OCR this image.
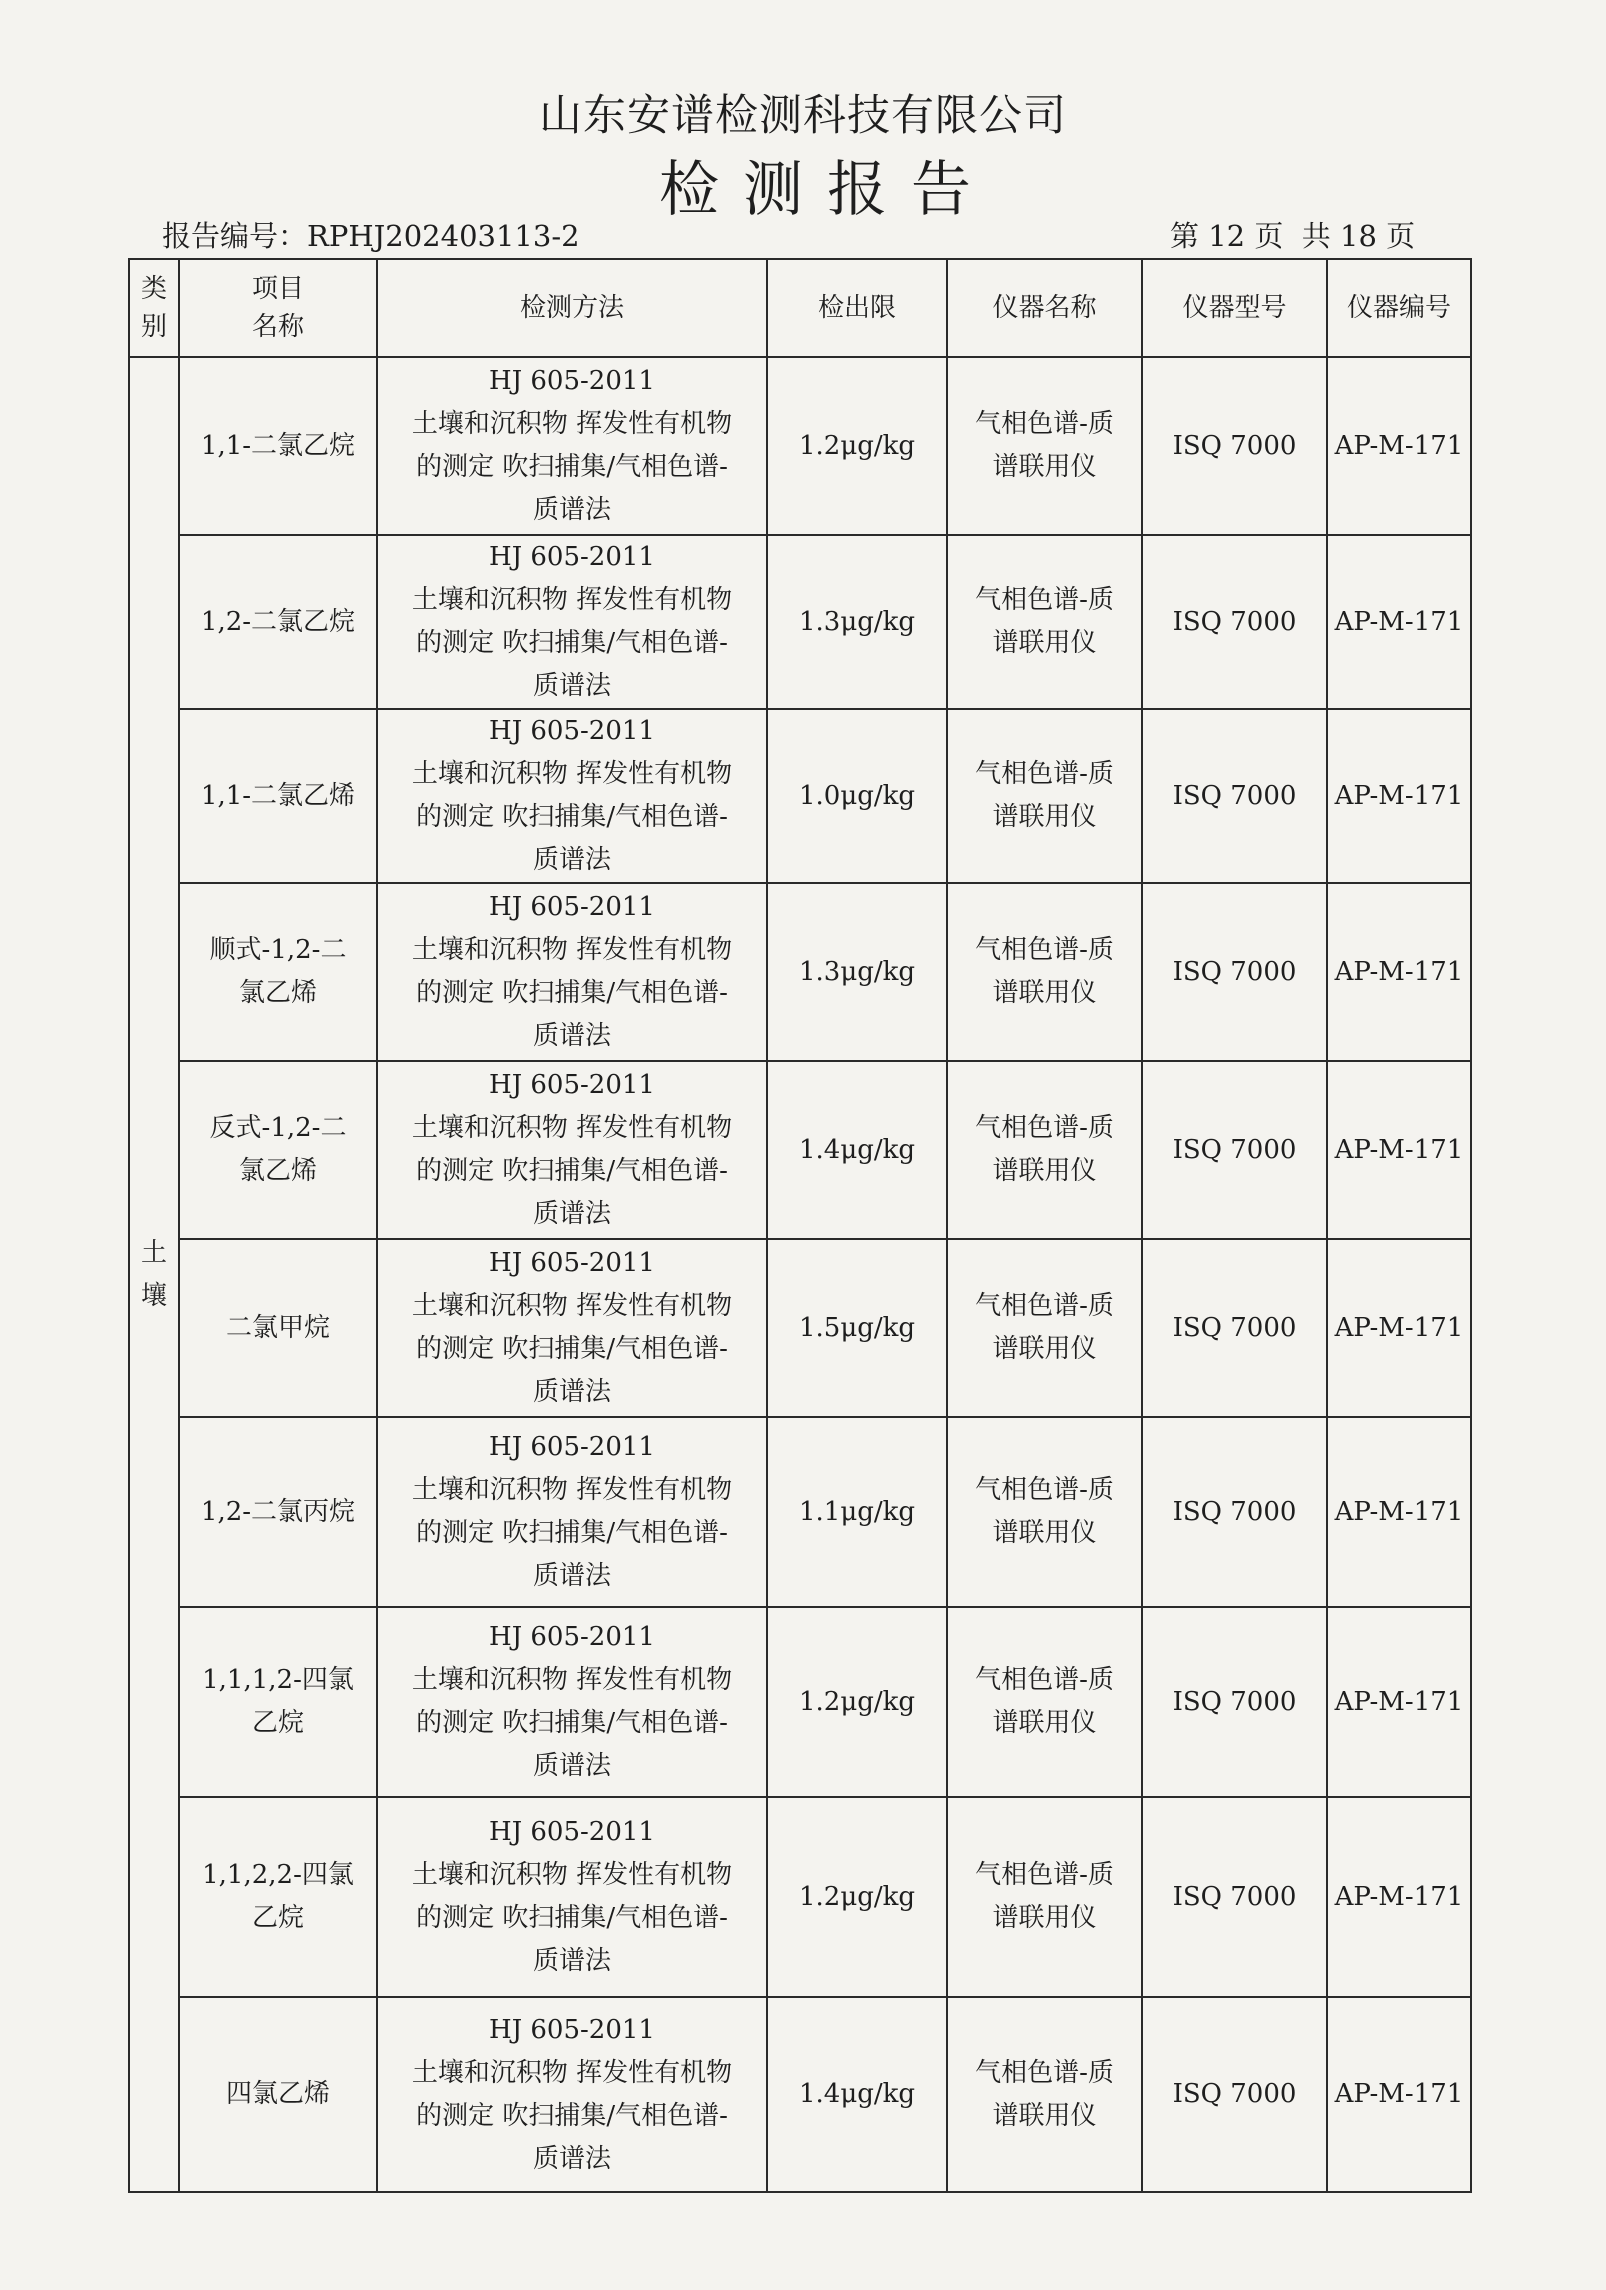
山东安谱检测科技有限公司
检测报告
报告编号：RPHJ202403113-2	第 12 页  共 18 页
类
别	项目
名称	检测方法	检出限	仪器名称	仪器型号	仪器编号

土
壤	1,1-二氯乙烷	HJ 605-2011
土壤和沉积物 挥发性有机物
的测定 吹扫捕集/气相色谱-
质谱法	1.2μg/kg	气相色谱-质
谱联用仪	ISQ 7000	AP-M-171

	1,2-二氯乙烷	HJ 605-2011
土壤和沉积物 挥发性有机物
的测定 吹扫捕集/气相色谱-
质谱法	1.3μg/kg	气相色谱-质
谱联用仪	ISQ 7000	AP-M-171

	1,1-二氯乙烯	HJ 605-2011
土壤和沉积物 挥发性有机物
的测定 吹扫捕集/气相色谱-
质谱法	1.0μg/kg	气相色谱-质
谱联用仪	ISQ 7000	AP-M-171

	顺式-1,2-二
氯乙烯	HJ 605-2011
土壤和沉积物 挥发性有机物
的测定 吹扫捕集/气相色谱-
质谱法	1.3μg/kg	气相色谱-质
谱联用仪	ISQ 7000	AP-M-171

	反式-1,2-二
氯乙烯	HJ 605-2011
土壤和沉积物 挥发性有机物
的测定 吹扫捕集/气相色谱-
质谱法	1.4μg/kg	气相色谱-质
谱联用仪	ISQ 7000	AP-M-171

	二氯甲烷	HJ 605-2011
土壤和沉积物 挥发性有机物
的测定 吹扫捕集/气相色谱-
质谱法	1.5μg/kg	气相色谱-质
谱联用仪	ISQ 7000	AP-M-171

	1,2-二氯丙烷	HJ 605-2011
土壤和沉积物 挥发性有机物
的测定 吹扫捕集/气相色谱-
质谱法	1.1μg/kg	气相色谱-质
谱联用仪	ISQ 7000	AP-M-171

	1,1,1,2-四氯
乙烷	HJ 605-2011
土壤和沉积物 挥发性有机物
的测定 吹扫捕集/气相色谱-
质谱法	1.2μg/kg	气相色谱-质
谱联用仪	ISQ 7000	AP-M-171

	1,1,2,2-四氯
乙烷	HJ 605-2011
土壤和沉积物 挥发性有机物
的测定 吹扫捕集/气相色谱-
质谱法	1.2μg/kg	气相色谱-质
谱联用仪	ISQ 7000	AP-M-171

	四氯乙烯	HJ 605-2011
土壤和沉积物 挥发性有机物
的测定 吹扫捕集/气相色谱-
质谱法	1.4μg/kg	气相色谱-质
谱联用仪	ISQ 7000	AP-M-171
